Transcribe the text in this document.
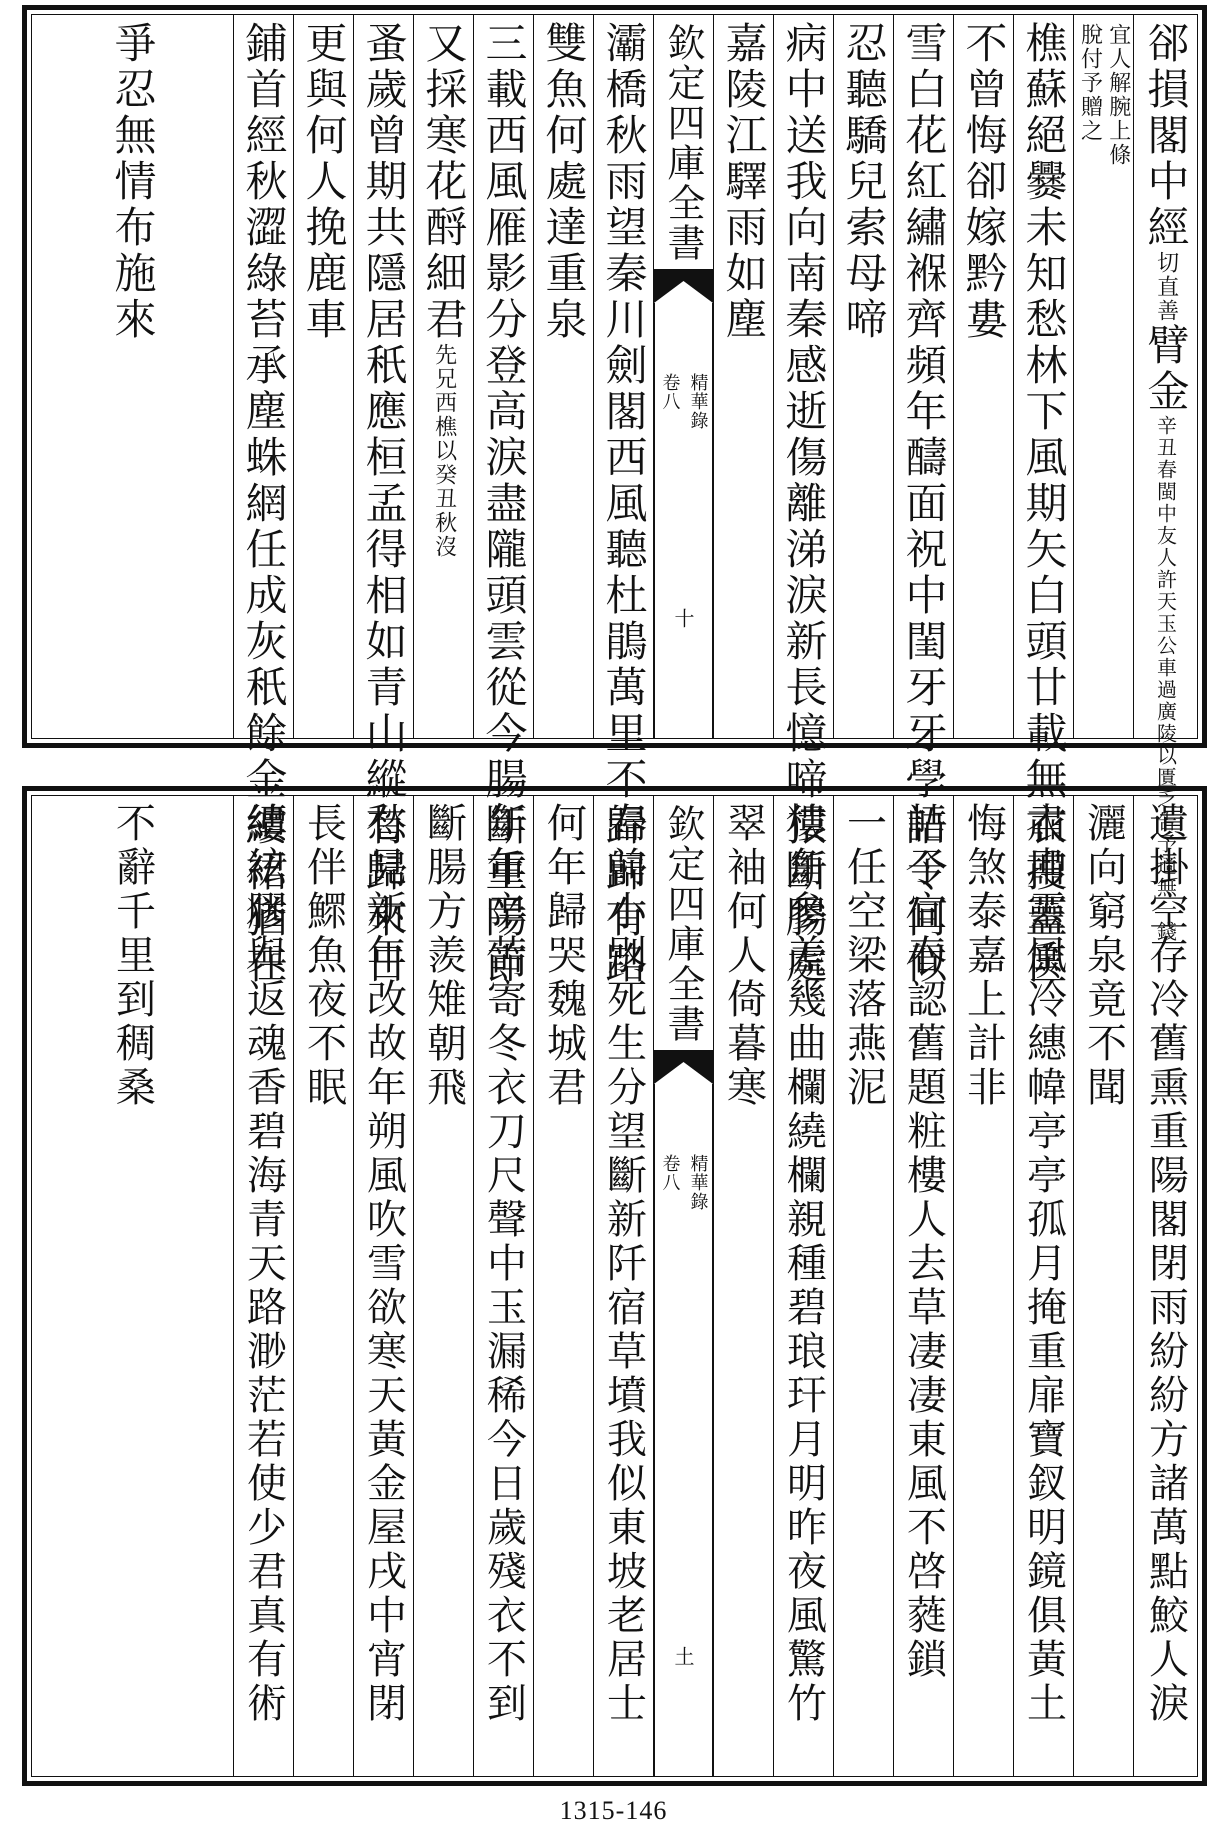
郤損閣中經
切直善
臂金
辛丑春閩中友人許天玉公車過廣陵以匱乏告予適無一錢
宜人解腕上條
脫付予贈之
樵蘇絕爨未知愁林下風期矢白頭廿載無衣搜蓋篋
不曾悔卻嫁黔婁
雪白花紅繡褓齊頻年醻面祝中閨牙牙學語令何似
忍聽驕兒索母啼
病中送我向南秦感逝傷離涕淚新長憶啼猿斷腸處
嘉陵江驛雨如塵
欽定四庫全書
精華錄
卷八
十
灞橋秋雨望秦川劍閣西風聽杜鵑萬里不歸歸有路
雙魚何處達重泉
三載西風雁影分登高淚盡隴頭雲從今腸斷重陽節
又採寒花酹細君
先兄西樵以癸丑秋沒
蚤歲曾期共隱居秖應桓孟得相如青山縱有歸來日
更與何人挽鹿車
鋪首經秋澀綠苔承塵蛛網任成灰秖餘金縷裙猶在
爭忍無情布施來
遺掛空存冷舊熏重陽閣閉雨紛紛方諸萬點鮫人淚
灑向窮泉竟不聞
肅肅靈風冷繐幃亭亭孤月掩重扉寶釵明鏡俱黃土
悔煞泰嘉上計非
帖子宜春認舊題粧樓人去草凄凄東風不啓蕤鎖
一任空梁落燕泥
樓角參差幾曲欄繞欄親種碧琅玕月明昨夜風驚竹
翠袖何人倚暮寒
欽定四庫全書
精華錄
卷八
土
春前小別死生分望斷新阡宿草墳我似東坡老居士
何年歸哭魏城君
年年辛苦寄冬衣刀尺聲中玉漏稀今日歲殘衣不到
斷腸方羨雉朝飛
愁見新年改故年朔風吹雪欲寒天黃金屋戌中宵閉
長伴鰥魚夜不眠
續絃膠與返魂香碧海青天路渺茫若使少君真有術
不辭千里到稠桑
1315-146
